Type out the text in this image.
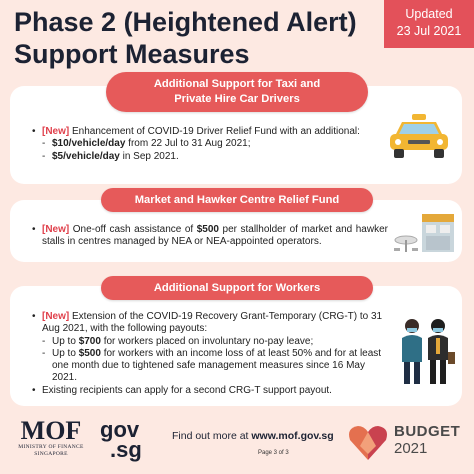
Phase 2 (Heightened Alert)
Support Measures
Updated
23 Jul 2021
Additional Support for Taxi and
Private Hire Car Drivers
• [New] Enhancement of COVID-19 Driver Relief Fund with an additional:
- $10/vehicle/day from 22 Jul to 31 Aug 2021;
- $5/vehicle/day in Sep 2021.
Market and Hawker Centre Relief Fund
• [New] One-off cash assistance of $500 per stallholder of market and hawker stalls in centres managed by NEA or NEA-appointed operators.
Additional Support for Workers
• [New] Extension of the COVID-19 Recovery Grant-Temporary (CRG-T) to 31 Aug 2021, with the following payouts:
- Up to $700 for workers placed on involuntary no-pay leave;
- Up to $500 for workers with an income loss of at least 50% and for at least one month due to tightened safe management measures since 16 May 2021.
• Existing recipients can apply for a second CRG-T support payout.
MOF
MINISTRY OF FINANCE
SINGAPORE
gov
.sg
Find out more at www.mof.gov.sg
Page 3 of 3
BUDGET
2021
